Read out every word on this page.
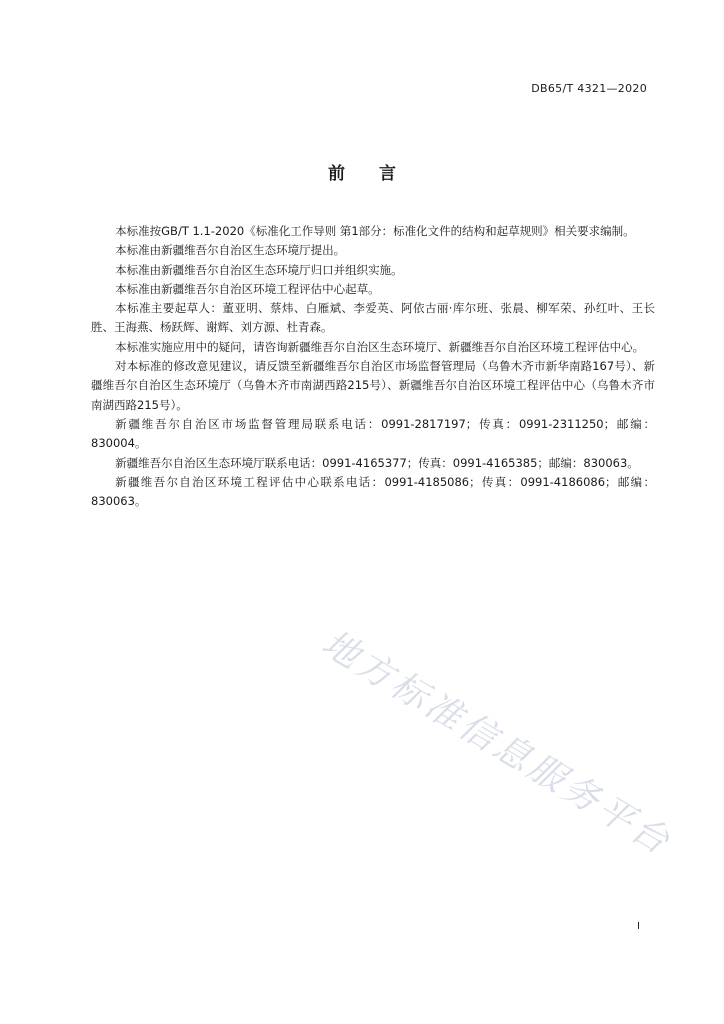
DB65/T 4321—2020
前　　言

本标准按GB/T 1.1-2020《标准化工作导则 第1部分：标准化文件的结构和起草规则》相关要求编制。

本标准由新疆维吾尔自治区生态环境厅提出。

本标准由新疆维吾尔自治区生态环境厅归口并组织实施。

本标准由新疆维吾尔自治区环境工程评估中心起草。

本标准主要起草人：董亚明、蔡炜、白雁斌、李爱英、阿依古丽·库尔班、张晨、柳军荣、孙红叶、王长胜、王海燕、杨跃辉、谢辉、刘方源、杜青森。

本标准实施应用中的疑问，请咨询新疆维吾尔自治区生态环境厅、新疆维吾尔自治区环境工程评估中心。

对本标准的修改意见建议，请反馈至新疆维吾尔自治区市场监督管理局（乌鲁木齐市新华南路167号）、新疆维吾尔自治区生态环境厅（乌鲁木齐市南湖西路215号）、新疆维吾尔自治区环境工程评估中心（乌鲁木齐市南湖西路215号）。

新疆维吾尔自治区市场监督管理局联系电话：0991-2817197；传真：0991-2311250；邮编：830004。

新疆维吾尔自治区生态环境厅联系电话：0991-4165377；传真：0991-4165385；邮编：830063。

新疆维吾尔自治区环境工程评估中心联系电话：0991-4185086；传真：0991-4186086；邮编：830063。

地方标准信息服务平台
I
